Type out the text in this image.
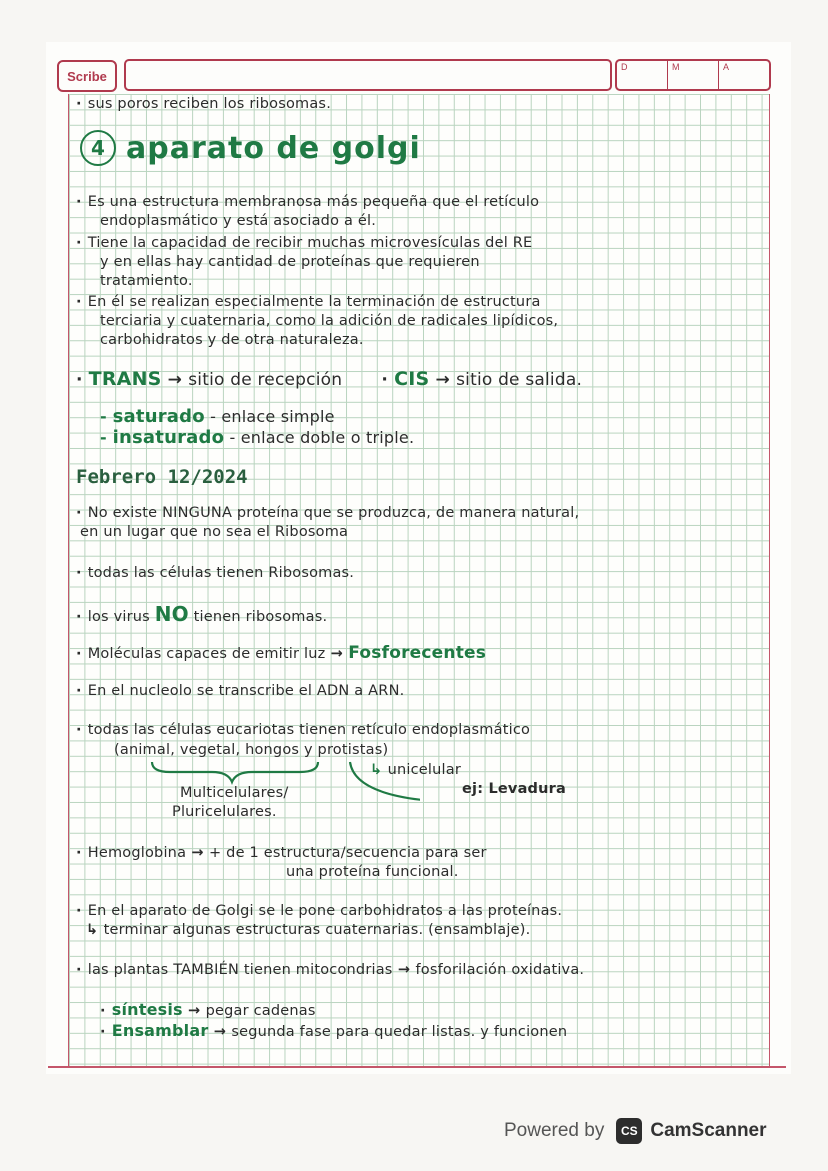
Scribe
D	M	A
· sus poros reciben los ribosomas.
4 aparato de golgi
· Es una estructura membranosa más pequeña que el retículo
endoplasmático y está asociado a él.
· Tiene la capacidad de recibir muchas microvesículas del RE
y en ellas hay cantidad de proteínas que requieren
tratamiento.
· En él se realizan especialmente la terminación de estructura
terciaria y cuaternaria, como la adición de radicales lipídicos,
carbohidratos y de otra naturaleza.
· TRANS → sitio de recepción · CIS → sitio de salida.
- saturado - enlace simple
- insaturado - enlace doble o triple.
Febrero 12/2024
· No existe NINGUNA proteína que se produzca, de manera natural,
en un lugar que no sea el Ribosoma
· todas las células tienen Ribosomas.
· los virus NO tienen ribosomas.
· Moléculas capaces de emitir luz → Fosforecentes
· En el nucleolo se transcribe el ADN a ARN.
· todas las células eucariotas tienen retículo endoplasmático
(animal, vegetal, hongos y protistas)
↳ unicelular
Multicelulares/
Pluricelulares.
ej: Levadura
· Hemoglobina → + de 1 estructura/secuencia para ser
una proteína funcional.
· En el aparato de Golgi se le pone carbohidratos a las proteínas.
↳ terminar algunas estructuras cuaternarias. (ensamblaje).
· las plantas TAMBIÉN tienen mitocondrias → fosforilación oxidativa.
· síntesis → pegar cadenas
· Ensamblar → segunda fase para quedar listas. y funcionen
Powered by	CS CamScanner
